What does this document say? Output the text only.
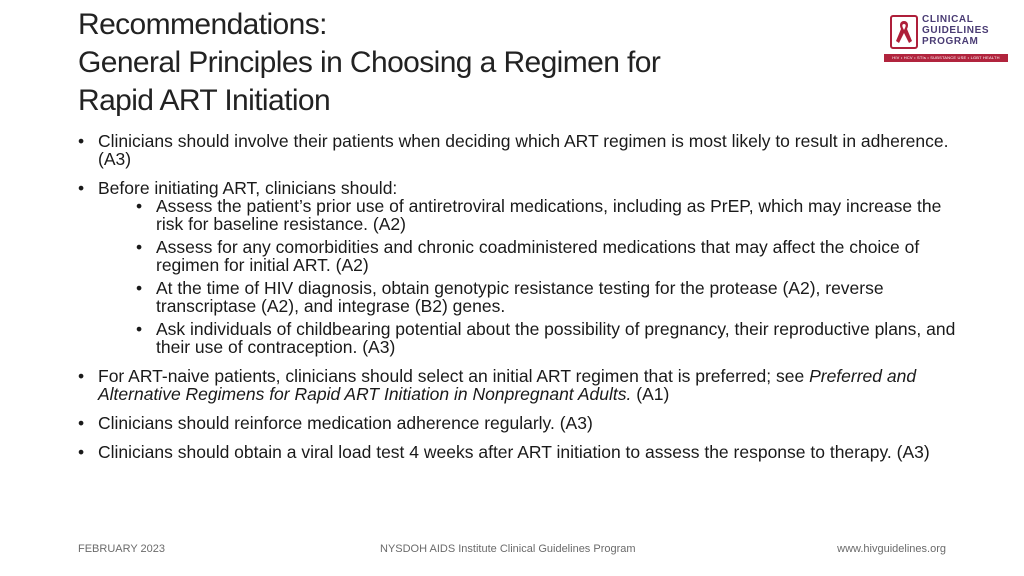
Recommendations:
General Principles in Choosing a Regimen for
Rapid ART Initiation
CLINICAL
GUIDELINES
PROGRAM
HIV • HCV • STIs • SUBSTANCE USE • LGBT HEALTH
• Clinicians should involve their patients when deciding which ART regimen is most likely to result in adherence. (A3)
• Before initiating ART, clinicians should:
• Assess the patient’s prior use of antiretroviral medications, including as PrEP, which may increase the risk for baseline resistance. (A2)
• Assess for any comorbidities and chronic coadministered medications that may affect the choice of regimen for initial ART. (A2)
• At the time of HIV diagnosis, obtain genotypic resistance testing for the protease (A2), reverse transcriptase (A2), and integrase (B2) genes.
• Ask individuals of childbearing potential about the possibility of pregnancy, their reproductive plans, and their use of contraception. (A3)
• For ART-naive patients, clinicians should select an initial ART regimen that is preferred; see Preferred and Alternative Regimens for Rapid ART Initiation in Nonpregnant Adults. (A1)
• Clinicians should reinforce medication adherence regularly. (A3)
• Clinicians should obtain a viral load test 4 weeks after ART initiation to assess the response to therapy. (A3)
FEBRUARY 2023	NYSDOH AIDS Institute Clinical Guidelines Program	www.hivguidelines.org
